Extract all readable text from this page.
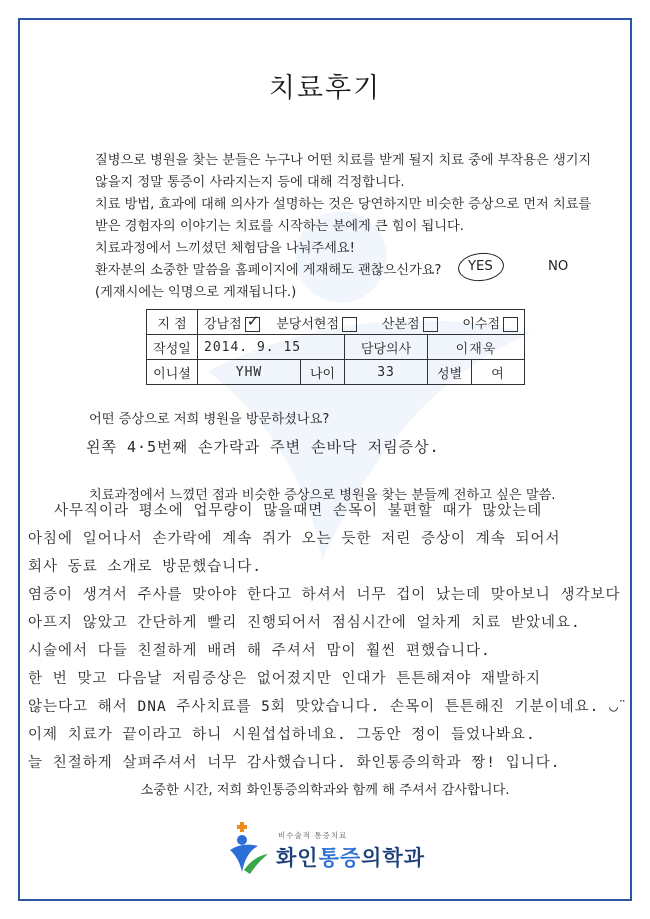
치료후기

질병으로 병원을 찾는 분들은 누구나 어떤 치료를 받게 될지 치료 중에 부작용은 생기지

않을지 정말 통증이 사라지는지 등에 대해 걱정합니다.

치료 방법, 효과에 대해 의사가 설명하는 것은 당연하지만 비슷한 증상으로 먼저 치료를

받은 경험자의 이야기는 치료를 시작하는 분에게 큰 힘이 됩니다.

치료과정에서 느끼셨던 체험담을 나눠주세요!

환자분의 소중한 말씀을 홈페이지에 게재해도 괜찮으신가요?

(게재시에는 익명으로 게재됩니다.)

YES	NO
지 점	강남점 ✓ 분당서현점 산본점 이수점				
작성일	2014. 9. 15		담당의사	이재욱	
이니셜	YHW	나이	33	성별	여
어떤 증상으로 저희 병원을 방문하셨나요?
왼쪽 4·5번째 손가락과 주변 손바닥 저림증상.
치료과정에서 느꼈던 점과 비슷한 증상으로 병원을 찾는 분들께 전하고 싶은 말씀.
사무직이라 평소에 업무량이 많을때면 손목이 불편할 때가 많았는데
아침에 일어나서 손가락에 계속 쥐가 오는 듯한 저린 증상이 계속 되어서
회사 동료 소개로 방문했습니다.
염증이 생겨서 주사를 맞아야 한다고 하셔서 너무 겁이 났는데 맞아보니 생각보다
아프지 않았고 간단하게 빨리 진행되어서 점심시간에 얼차게 치료 받았네요.
시술에서 다들 친절하게 배려 해 주셔서 맘이 훨씬 편했습니다.
한 번 맞고 다음날 저림증상은 없어졌지만 인대가 튼튼해져야 재발하지
않는다고 해서 DNA 주사치료를 5회 맞았습니다. 손목이 튼튼해진 기분이네요. ◡̈
이제 치료가 끝이라고 하니 시원섭섭하네요. 그동안 정이 들었나봐요.
늘 친절하게 살펴주셔서 너무 감사했습니다. 화인통증의학과 짱! 입니다.
소중한 시간, 저희 화인통증의학과와 함께 해 주셔서 감사합니다.
비수술적 통증치료
화인통증의학과
